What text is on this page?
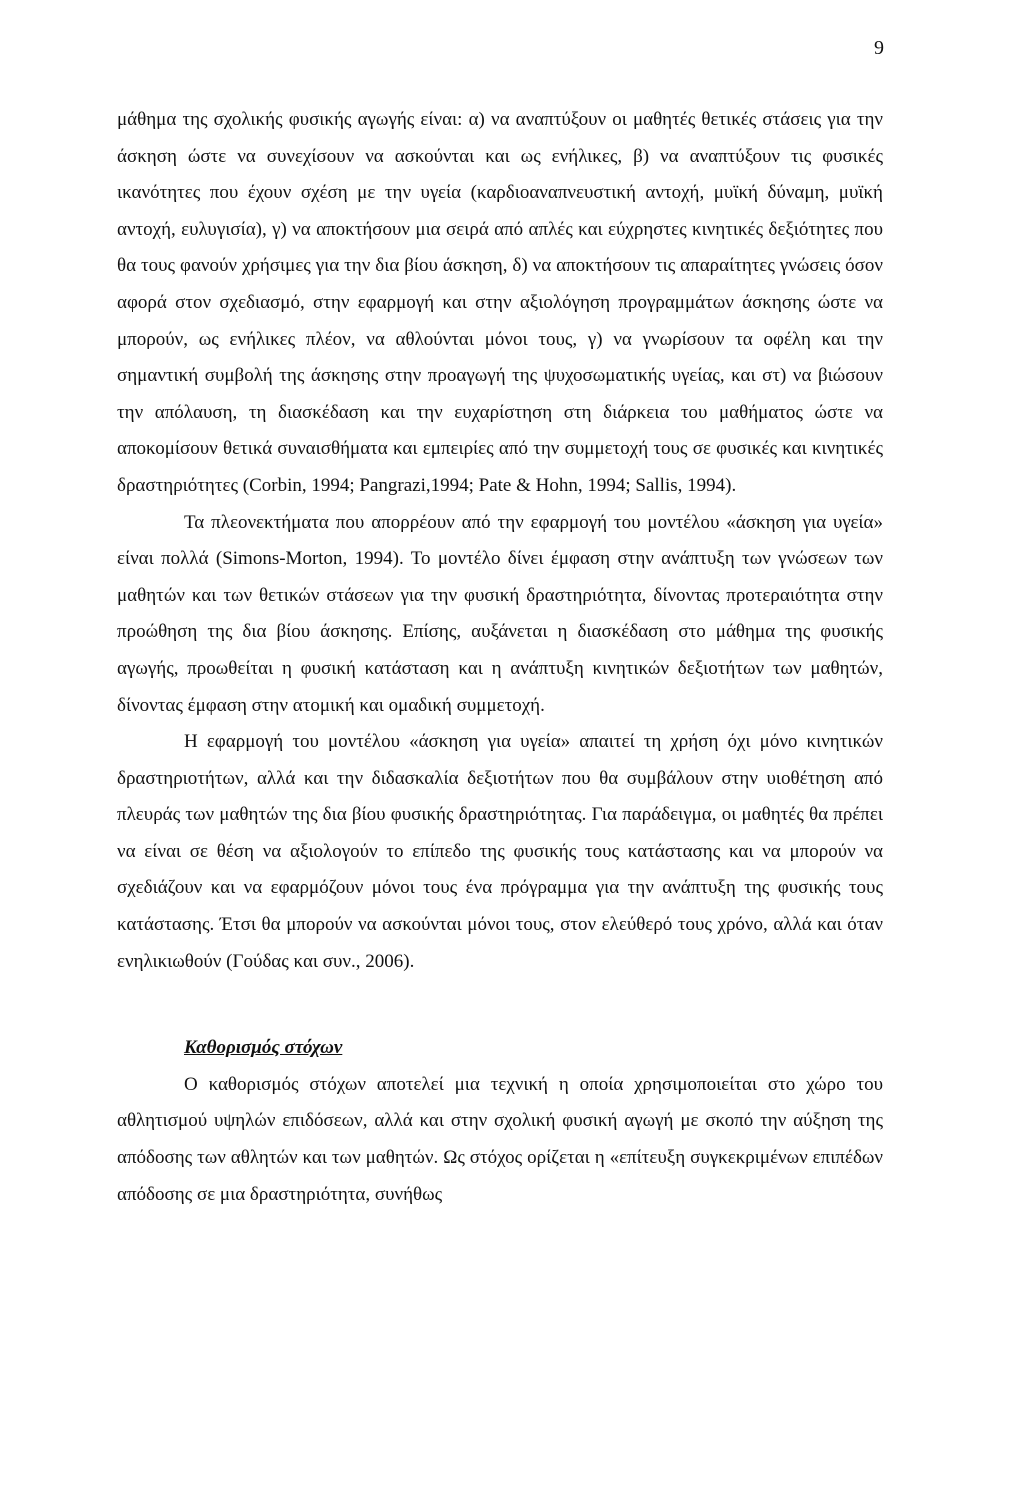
9

μάθημα της σχολικής φυσικής αγωγής είναι: α) να αναπτύξουν οι μαθητές θετικές στάσεις για την άσκηση ώστε να συνεχίσουν να ασκούνται και ως ενήλικες, β) να αναπτύξουν τις φυσικές ικανότητες που έχουν σχέση με την υγεία (καρδιοαναπνευστική αντοχή, μυϊκή δύναμη, μυϊκή αντοχή, ευλυγισία), γ) να αποκτήσουν μια σειρά από απλές και εύχρηστες κινητικές δεξιότητες που θα τους φανούν χρήσιμες για την δια βίου άσκηση, δ) να αποκτήσουν τις απαραίτητες γνώσεις όσον αφορά στον σχεδιασμό, στην εφαρμογή και στην αξιολόγηση προγραμμάτων άσκησης ώστε να μπορούν, ως ενήλικες πλέον, να αθλούνται μόνοι τους, γ) να γνωρίσουν τα οφέλη και την σημαντική συμβολή της άσκησης στην προαγωγή της ψυχοσωματικής υγείας, και στ) να βιώσουν την απόλαυση, τη διασκέδαση και την ευχαρίστηση στη διάρκεια του μαθήματος ώστε να αποκομίσουν θετικά συναισθήματα και εμπειρίες από την συμμετοχή τους σε φυσικές και κινητικές δραστηριότητες (Corbin, 1994; Pangrazi,1994; Pate & Hohn, 1994; Sallis, 1994).

Τα πλεονεκτήματα που απορρέουν από την εφαρμογή του μοντέλου «άσκηση για υγεία» είναι πολλά (Simons-Morton, 1994). Το μοντέλο δίνει έμφαση στην ανάπτυξη των γνώσεων των μαθητών και των θετικών στάσεων για την φυσική δραστηριότητα, δίνοντας προτεραιότητα στην προώθηση της δια βίου άσκησης. Επίσης, αυξάνεται η διασκέδαση στο μάθημα της φυσικής αγωγής, προωθείται η φυσική κατάσταση και η ανάπτυξη κινητικών δεξιοτήτων των μαθητών, δίνοντας έμφαση στην ατομική και ομαδική συμμετοχή.

Η εφαρμογή του μοντέλου «άσκηση για υγεία» απαιτεί τη χρήση όχι μόνο κινητικών δραστηριοτήτων, αλλά και την διδασκαλία δεξιοτήτων που θα συμβάλουν στην υιοθέτηση από πλευράς των μαθητών της δια βίου φυσικής δραστηριότητας. Για παράδειγμα, οι μαθητές θα πρέπει να είναι σε θέση να αξιολογούν το επίπεδο της φυσικής τους κατάστασης και να μπορούν να σχεδιάζουν και να εφαρμόζουν μόνοι τους ένα πρόγραμμα για την ανάπτυξη της φυσικής τους κατάστασης. Έτσι θα μπορούν να ασκούνται μόνοι τους, στον ελεύθερό τους χρόνο, αλλά και όταν ενηλικιωθούν (Γούδας και συν., 2006).

Καθορισμός στόχων

Ο καθορισμός στόχων αποτελεί μια τεχνική η οποία χρησιμοποιείται στο χώρο του αθλητισμού υψηλών επιδόσεων, αλλά και στην σχολική φυσική αγωγή με σκοπό την αύξηση της απόδοσης των αθλητών και των μαθητών. Ως στόχος ορίζεται η «επίτευξη συγκεκριμένων επιπέδων απόδοσης σε μια δραστηριότητα, συνήθως
